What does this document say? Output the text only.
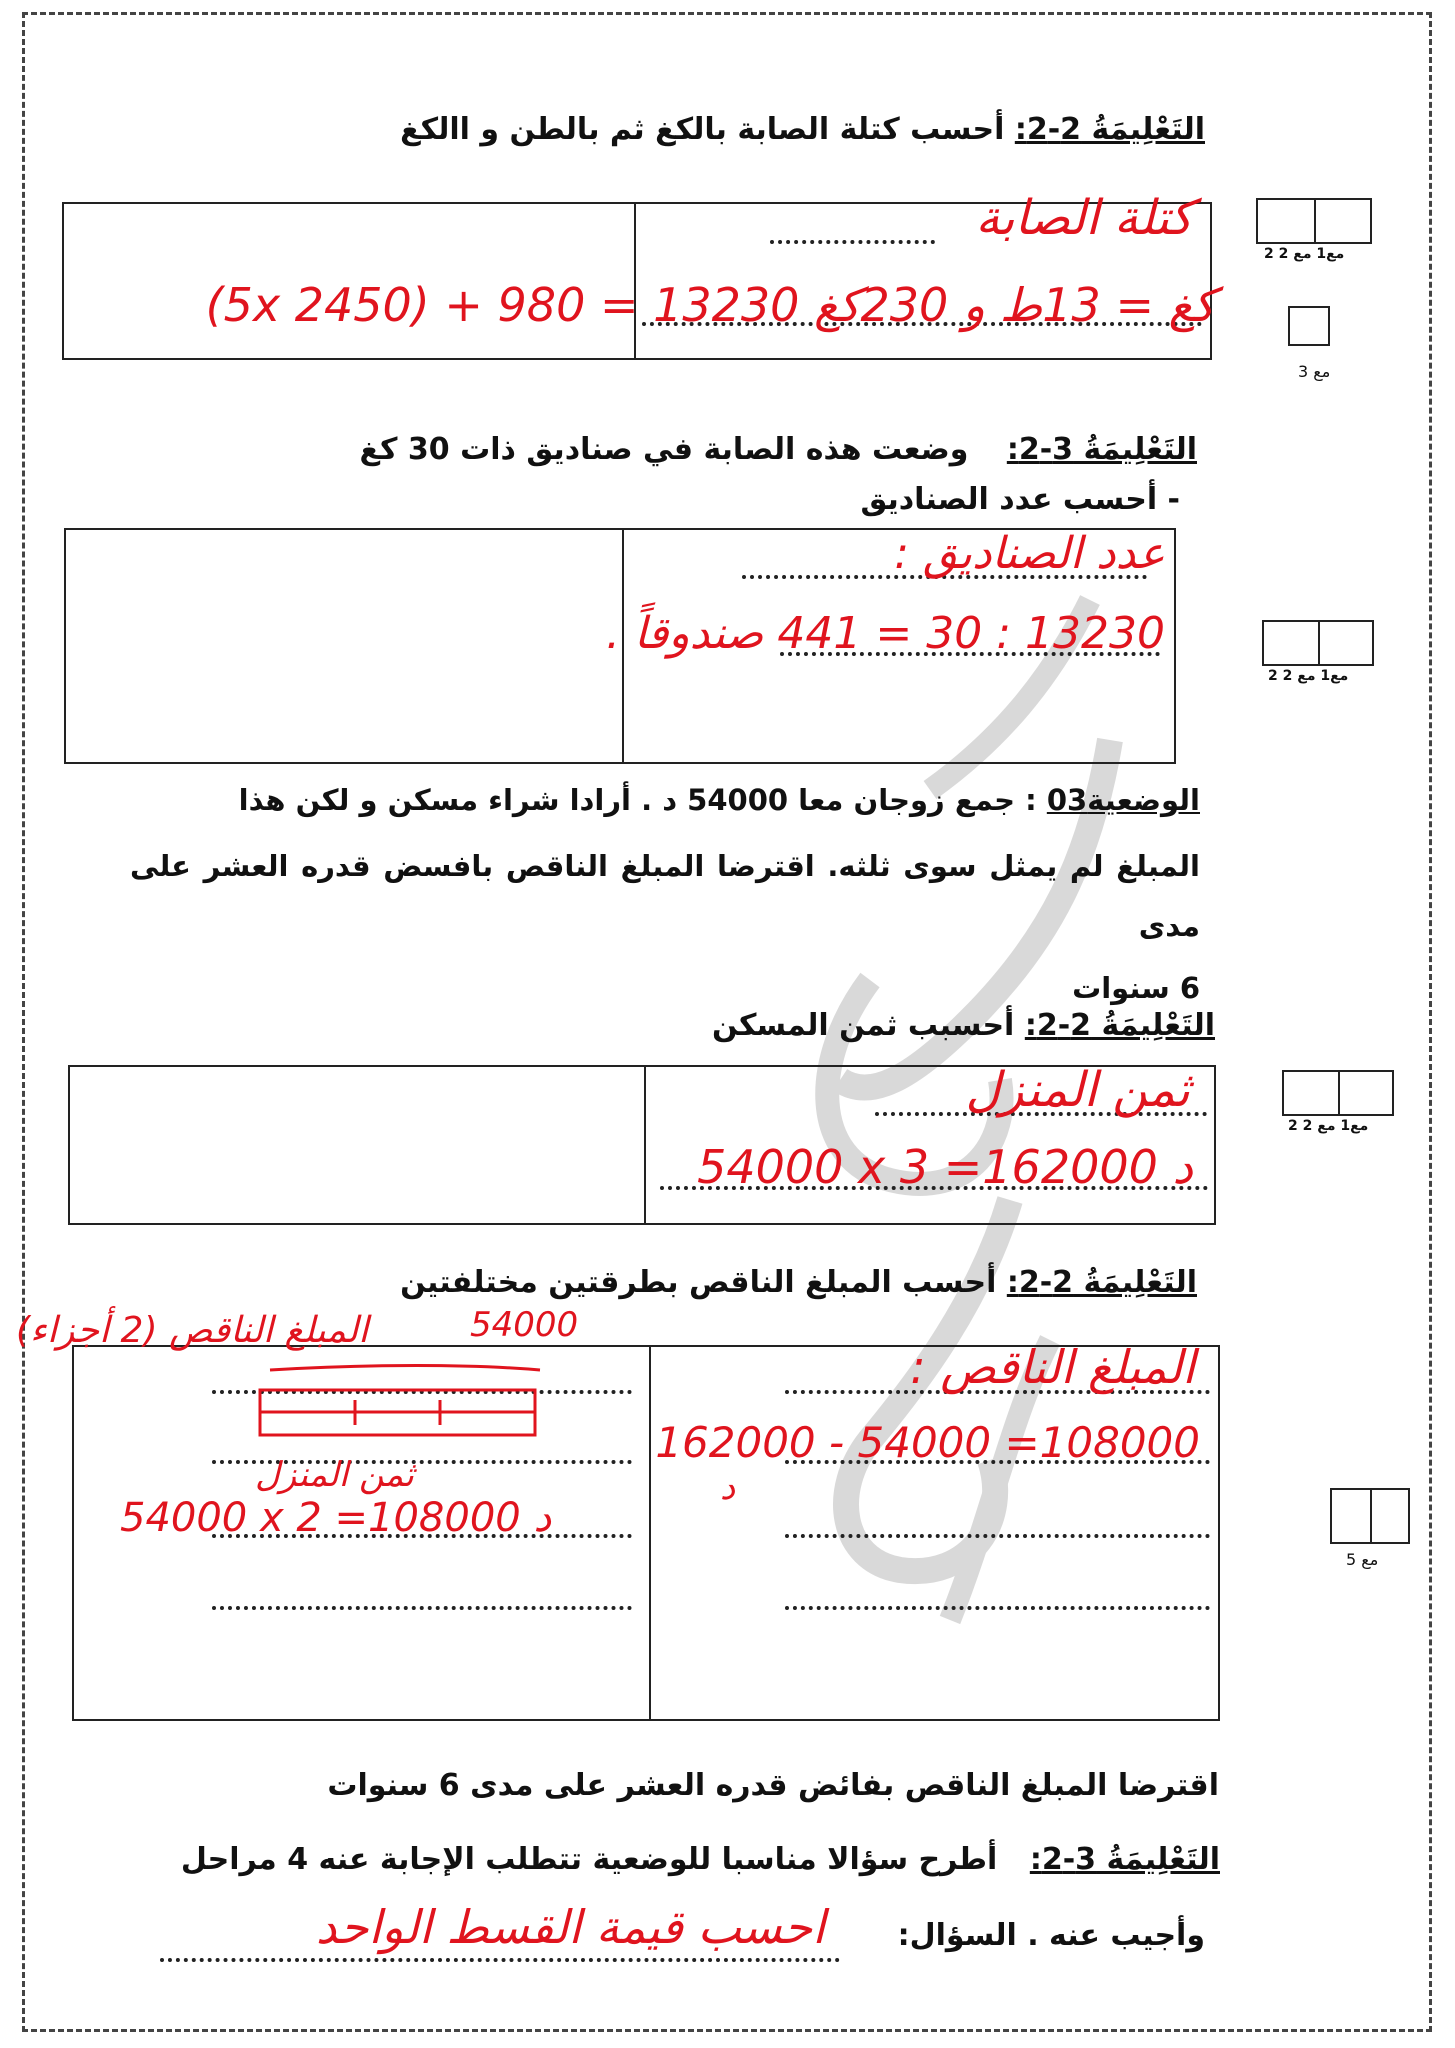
التَعْلِيمَةُ 2-2: أحسب كتلة الصابة بالكغ ثم بالطن و االكغ
كتلة الصابة
(5x 2450) + 980 = 13230 كغ = 13ط و 230كغ
مع1 مع 2 2
مع 3
التَعْلِيمَةُ 3-2: وضعت هذه الصابة في صناديق ذات 30 كغ
- أحسب عدد الصناديق
عدد الصناديق :
13230 : 30 = 441 صندوقاً .
مع1 مع 2 2
الوضعية03 : جمع زوجان معا 54000 د . أرادا شراء مسكن و لكن هذا
المبلغ لم يمثل سوى ثلثه. اقترضا المبلغ الناقص بافسض قدره العشر على مدى
6 سنوات
التَعْلِيمَةُ 2-2: أحسبب ثمن المسكن
ثمن المنزل
54000 x 3 =162000 د
مع1 مع 2 2
التَعْلِيمَةُ 2-2: أحسب المبلغ الناقص بطرقتين مختلفتين
المبلغ الناقص :
162000 - 54000 =108000
د
54000
المبلغ الناقص (2 أجزاء)
ثمن المنزل
54000 x 2 =108000 د
مع 5
اقترضا المبلغ الناقص بفائض قدره العشر على مدى 6 سنوات
التَعْلِيمَةُ 3-2: أطرح سؤالا مناسبا للوضعية تتطلب الإجابة عنه 4 مراحل
وأجيب عنه . السؤال:
احسب قيمة القسط الواحد
